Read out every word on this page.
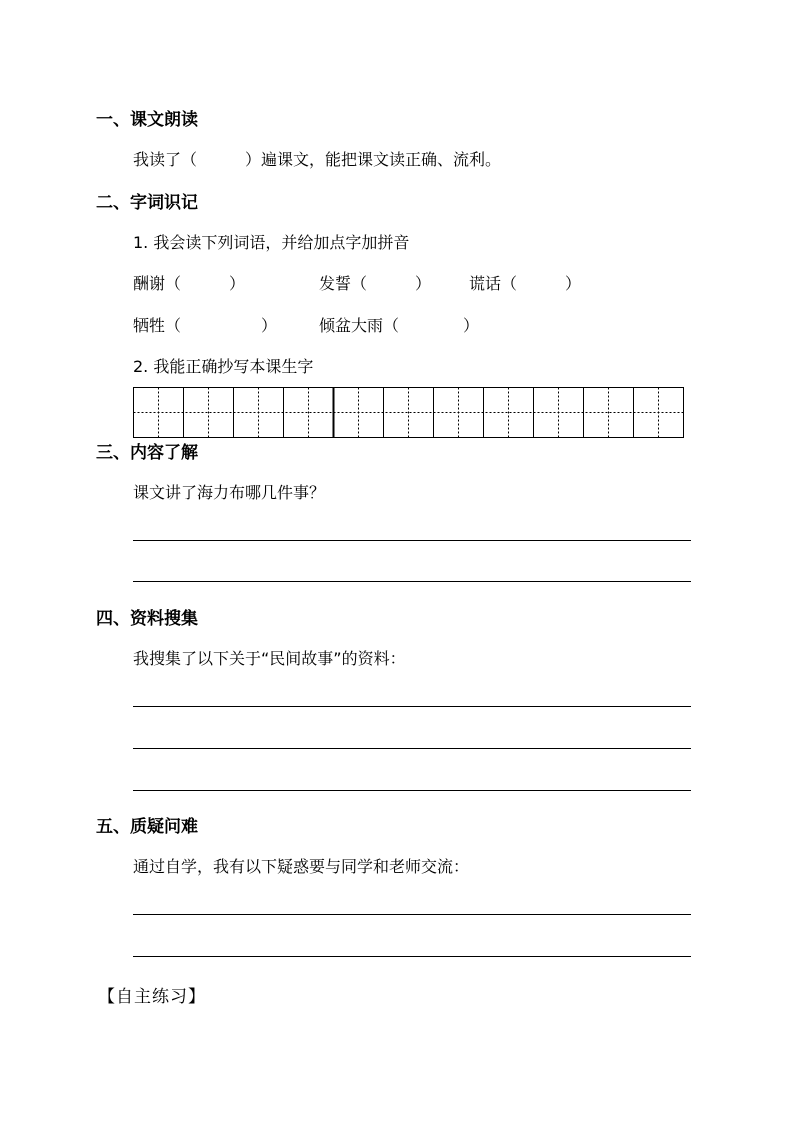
一、课文朗读
我读了（　　　）遍课文，能把课文读正确、流利。
二、字词识记
1. 我会读下列词语，并给加点字加拼音
酬谢（　　　）	发誓（　　　） 谎话（　　　）
牺牲（　　　　　）	倾盆大雨（　　　　）
2. 我能正确抄写本课生字
三、内容了解
课文讲了海力布哪几件事？
四、资料搜集
我搜集了以下关于“民间故事”的资料：
五、质疑问难
通过自学，我有以下疑惑要与同学和老师交流：
【自主练习】
